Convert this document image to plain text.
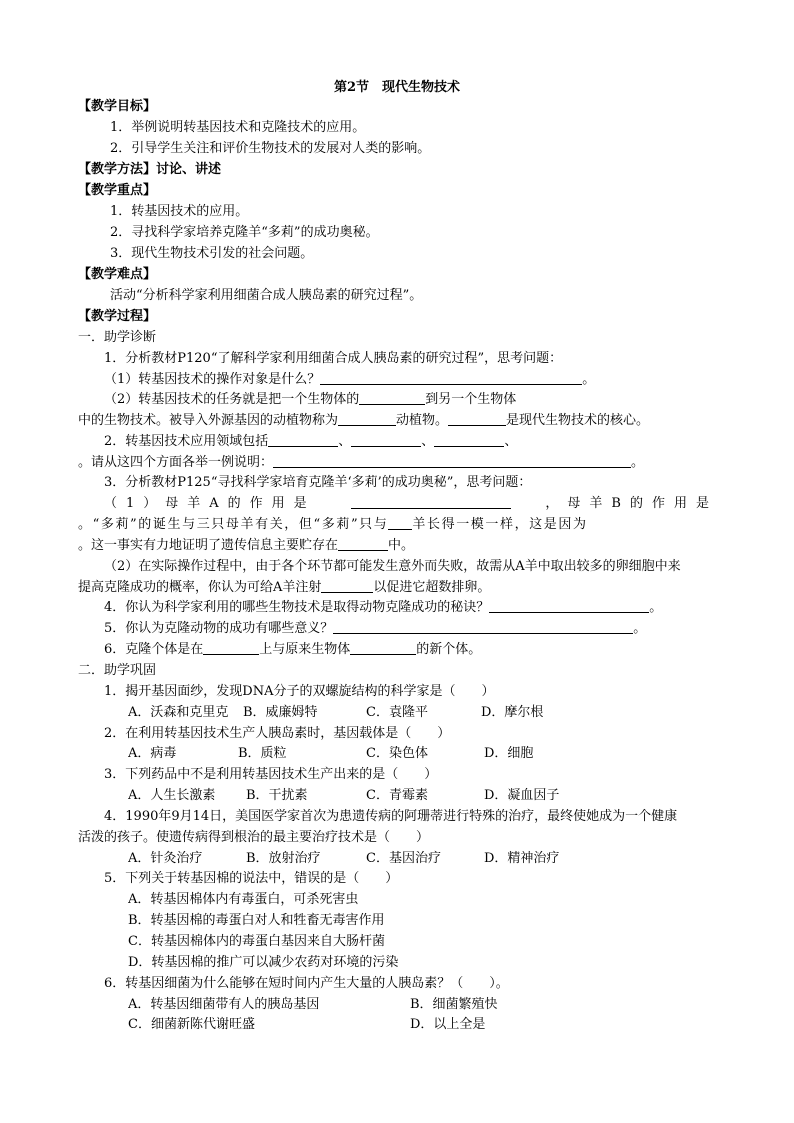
第2节　现代生物技术
【教学目标】
1．举例说明转基因技术和克隆技术的应用。
2．引导学生关注和评价生物技术的发展对人类的影响。
【教学方法】讨论、讲述
【教学重点】
1．转基因技术的应用。
2．寻找科学家培养克隆羊“多莉”的成功奥秘。
3．现代生物技术引发的社会问题。
【教学难点】
活动“分析科学家利用细菌合成人胰岛素的研究过程”。
【教学过程】
一．助学诊断
1．分析教材P120“了解科学家利用细菌合成人胰岛素的研究过程”，思考问题：
（1）转基因技术的操作对象是什么？	。
（2）转基因技术的任务就是把一个生物体的	到另一个生物体
中的生物技术。被导入外源基因的动植物称为	动植物。	是现代生物技术的核心。
2．转基因技术应用领域包括	、	、	、
。请从这四个方面各举一例说明：	。
3．分析教材P125“寻找科学家培育克隆羊‘多莉’的成功奥秘”，思考问题：
（1）母羊A的作用是	，母羊B的作用是
。“多莉”的诞生与三只母羊有关，但“多莉”只与 羊长得一模一样，这是因为
。这一事实有力地证明了遗传信息主要贮存在	中。
（2）在实际操作过程中，由于各个环节都可能发生意外而失败，故需从A羊中取出较多的卵细胞中来
提高克隆成功的概率，你认为可给A羊注射	以促进它超数排卵。
4．你认为科学家利用的哪些生物技术是取得动物克隆成功的秘诀？	。
5．你认为克隆动物的成功有哪些意义？	。
6．克隆个体是在	上与原来生物体	的新个体。
二．助学巩固
1．揭开基因面纱，发现DNA分子的双螺旋结构的科学家是（　　）
A．沃森和克里克 B．威廉姆特	C．袁隆平	D．摩尔根
2．在利用转基因技术生产人胰岛素时，基因载体是（　　）
A．病毒	B．质粒	C．染色体	D．细胞
3．下列药品中不是利用转基因技术生产出来的是（　　）
A．人生长激素 B．干扰素	C．青霉素	D．凝血因子
4．1990年9月14日，美国医学家首次为患遗传病的阿珊蒂进行特殊的治疗，最终使她成为一个健康
活泼的孩子。使遗传病得到根治的最主要治疗技术是（　　）
A．针灸治疗	B．放射治疗	C．基因治疗	D．精神治疗
5．下列关于转基因棉的说法中，错误的是（　　）
A．转基因棉体内有毒蛋白，可杀死害虫
B．转基因棉的毒蛋白对人和牲畜无毒害作用
C．转基因棉体内的毒蛋白基因来自大肠杆菌
D．转基因棉的推广可以减少农药对环境的污染
6．转基因细菌为什么能够在短时间内产生大量的人胰岛素？（　　）。
A．转基因细菌带有人的胰岛基因	B．细菌繁殖快
C．细菌新陈代谢旺盛	D．以上全是
